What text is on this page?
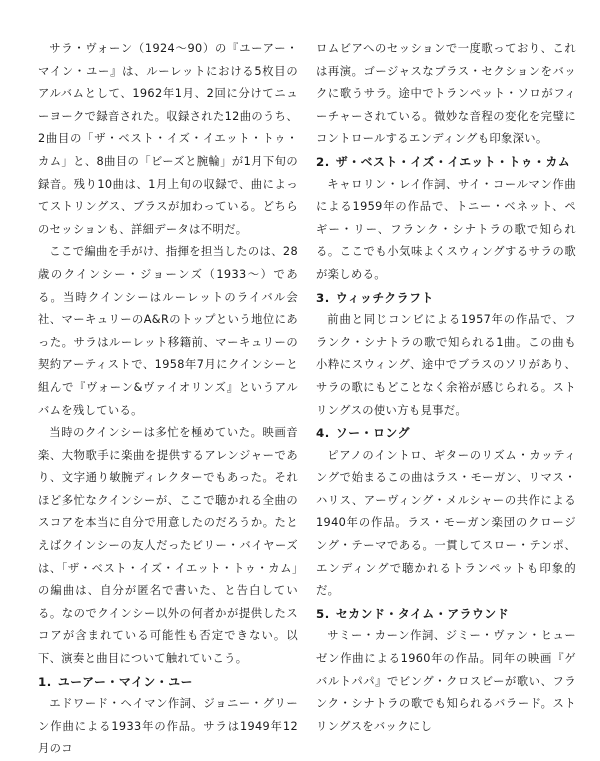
サラ・ヴォーン（1924〜90）の『ユーアー・マイン・ユー』は、ルーレットにおける5枚目のアルバムとして、1962年1月、2回に分けてニューヨークで録音された。収録された12曲のうち、2曲目の「ザ・ベスト・イズ・イエット・トゥ・カム」と、8曲目の「ビーズと腕輪」が1月下旬の録音。残り10曲は、1月上旬の収録で、曲によってストリングス、ブラスが加わっている。どちらのセッションも、詳細データは不明だ。

ここで編曲を手がけ、指揮を担当したのは、28歳のクインシー・ジョーンズ（1933〜）である。当時クインシーはルーレットのライバル会社、マーキュリーのA&Rのトップという地位にあった。サラはルーレット移籍前、マーキュリーの契約アーティストで、1958年7月にクインシーと組んで『ヴォーン&ヴァイオリンズ』というアルバムを残している。

当時のクインシーは多忙を極めていた。映画音楽、大物歌手に楽曲を提供するアレンジャーであり、文字通り敏腕ディレクターでもあった。それほど多忙なクインシーが、ここで聴かれる全曲のスコアを本当に自分で用意したのだろうか。たとえばクインシーの友人だったビリー・バイヤーズは、「ザ・ベスト・イズ・イエット・トゥ・カム」の編曲は、自分が匿名で書いた、と告白している。なのでクインシー以外の何者かが提供したスコアが含まれている可能性も否定できない。以下、演奏と曲目について触れていこう。

1. ユーアー・マイン・ユー

エドワード・ヘイマン作詞、ジョニー・グリーン作曲による1933年の作品。サラは1949年12月のコ

ロムビアへのセッションで一度歌っており、これは再演。ゴージャスなブラス・セクションをバックに歌うサラ。途中でトランペット・ソロがフィーチャーされている。微妙な音程の変化を完璧にコントロールするエンディングも印象深い。

2. ザ・ベスト・イズ・イエット・トゥ・カム

キャロリン・レイ作詞、サイ・コールマン作曲による1959年の作品で、トニー・ベネット、ペギー・リー、フランク・シナトラの歌で知られる。ここでも小気味よくスウィングするサラの歌が楽しめる。

3. ウィッチクラフト

前曲と同じコンビによる1957年の作品で、フランク・シナトラの歌で知られる1曲。この曲も小粋にスウィング、途中でブラスのソリがあり、サラの歌にもどことなく余裕が感じられる。ストリングスの使い方も見事だ。

4. ソー・ロング

ピアノのイントロ、ギターのリズム・カッティングで始まるこの曲はラス・モーガン、リマス・ハリス、アーヴィング・メルシャーの共作による1940年の作品。ラス・モーガン楽団のクロージング・テーマである。一貫してスロー・テンポ、エンディングで聴かれるトランペットも印象的だ。

5. セカンド・タイム・アラウンド

サミー・カーン作詞、ジミー・ヴァン・ヒューゼン作曲による1960年の作品。同年の映画『ゲバルトパパ』でビング・クロスビーが歌い、フランク・シナトラの歌でも知られるバラード。ストリングスをバックにし
